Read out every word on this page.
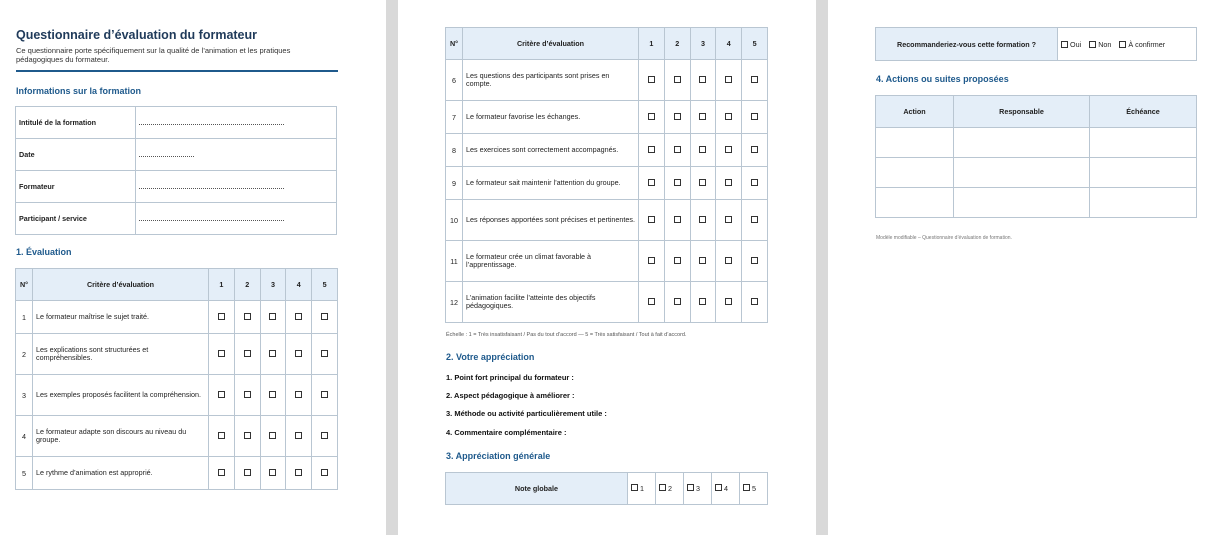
Questionnaire d’évaluation du formateur
Ce questionnaire porte spécifiquement sur la qualité de l’animation et les pratiques pédagogiques du formateur.
Informations sur la formation
Intitulé de la formation	
Date	
Formateur	
Participant / service	
1. Évaluation
N°	Critère d’évaluation	1	2	3	4	5
1	Le formateur maîtrise le sujet traité.					
2	Les explications sont structurées et compréhensibles.					
3	Les exemples proposés facilitent la compréhension.					
4	Le formateur adapte son discours au niveau du groupe.					
5	Le rythme d’animation est approprié.					
N°	Critère d’évaluation	1	2	3	4	5
6	Les questions des participants sont prises en compte.					
7	Le formateur favorise les échanges.					
8	Les exercices sont correctement accompagnés.					
9	Le formateur sait maintenir l’attention du groupe.					
10	Les réponses apportées sont précises et pertinentes.					
11	Le formateur crée un climat favorable à l’apprentissage.					
12	L’animation facilite l’atteinte des objectifs pédagogiques.					
Échelle : 1 = Très insatisfaisant / Pas du tout d’accord — 5 = Très satisfaisant / Tout à fait d’accord.
2. Votre appréciation
1. Point fort principal du formateur :
2. Aspect pédagogique à améliorer :
3. Méthode ou activité particulièrement utile :
4. Commentaire complémentaire :
3. Appréciation générale
Note globale	1	2	3	4	5
Recommanderiez-vous cette formation ?	Oui Non À confirmer
4. Actions ou suites proposées
Action	Responsable	Échéance

Modèle modifiable – Questionnaire d’évaluation de formation.
